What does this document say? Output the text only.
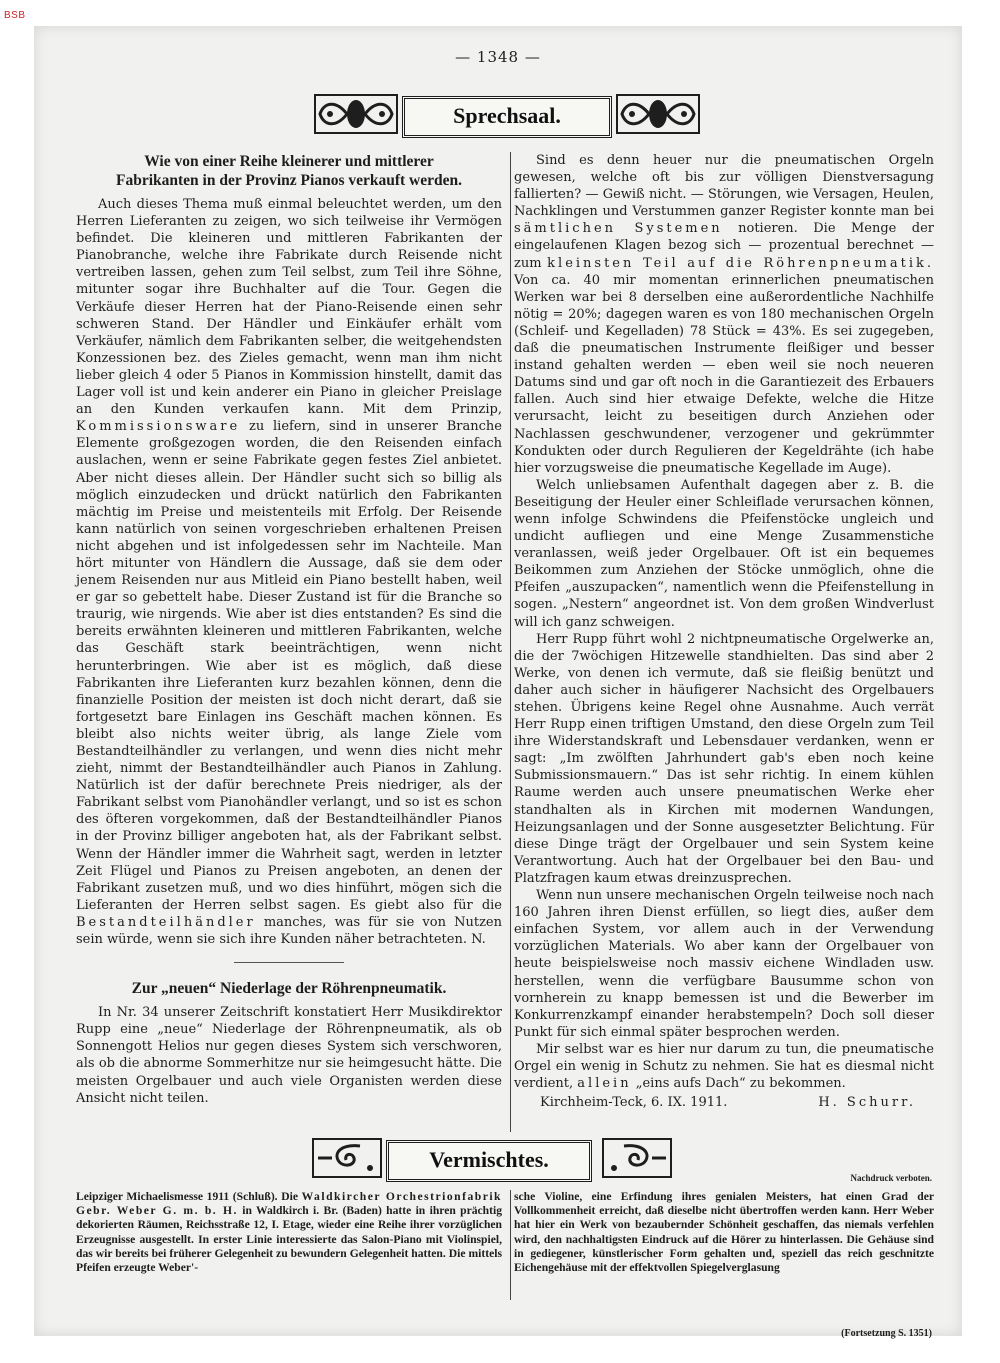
BSB
— 1348 —
Sprechsaal.
Wie von einer Reihe kleinerer und mittlerer
Fabrikanten in der Provinz Pianos verkauft werden.

Auch dieses Thema muß einmal beleuchtet werden, um den Herren Lieferanten zu zeigen, wo sich teilweise ihr Vermögen befindet. Die kleineren und mittleren Fabrikanten der Pianobranche, welche ihre Fabrikate durch Reisende nicht vertreiben lassen, gehen zum Teil selbst, zum Teil ihre Söhne, mitunter sogar ihre Buchhalter auf die Tour. Gegen die Verkäufe dieser Herren hat der Piano-Reisende einen sehr schweren Stand. Der Händler und Einkäufer erhält vom Verkäufer, nämlich dem Fabrikanten selber, die weitgehendsten Konzessionen bez. des Zieles gemacht, wenn man ihm nicht lieber gleich 4 oder 5 Pianos in Kommission hinstellt, damit das Lager voll ist und kein anderer ein Piano in gleicher Preislage an den Kunden verkaufen kann. Mit dem Prinzip, Kommissionsware zu liefern, sind in unserer Branche Elemente großgezogen worden, die den Reisenden einfach auslachen, wenn er seine Fabrikate gegen festes Ziel anbietet. Aber nicht dieses allein. Der Händler sucht sich so billig als möglich einzudecken und drückt natürlich den Fabrikanten mächtig im Preise und meistenteils mit Erfolg. Der Reisende kann natürlich von seinen vorgeschrieben erhaltenen Preisen nicht abgehen und ist infolgedessen sehr im Nachteile. Man hört mitunter von Händlern die Aussage, daß sie dem oder jenem Reisenden nur aus Mitleid ein Piano bestellt haben, weil er gar so gebettelt habe. Dieser Zustand ist für die Branche so traurig, wie nirgends. Wie aber ist dies entstanden? Es sind die bereits erwähnten kleineren und mittleren Fabrikanten, welche das Geschäft stark beeinträchtigen, wenn nicht herunterbringen. Wie aber ist es möglich, daß diese Fabrikanten ihre Lieferanten kurz bezahlen können, denn die finanzielle Position der meisten ist doch nicht derart, daß sie fortgesetzt bare Einlagen ins Geschäft machen können. Es bleibt also nichts weiter übrig, als lange Ziele vom Bestandteilhändler zu verlangen, und wenn dies nicht mehr zieht, nimmt der Bestandteilhändler auch Pianos in Zahlung. Natürlich ist der dafür berechnete Preis niedriger, als der Fabrikant selbst vom Pianohändler verlangt, und so ist es schon des öfteren vorgekommen, daß der Bestandteilhändler Pianos in der Provinz billiger angeboten hat, als der Fabrikant selbst. Wenn der Händler immer die Wahrheit sagt, werden in letzter Zeit Flügel und Pianos zu Preisen angeboten, an denen der Fabrikant zusetzen muß, und wo dies hinführt, mögen sich die Lieferanten der Herren selbst sagen. Es giebt also für die Bestandteilhändler manches, was für sie von Nutzen sein würde, wenn sie sich ihre Kunden näher betrachteten. N.

Zur „neuen“ Niederlage der Röhrenpneumatik.

In Nr. 34 unserer Zeitschrift konstatiert Herr Musikdirektor Rupp eine „neue“ Niederlage der Röhrenpneumatik, als ob Sonnengott Helios nur gegen dieses System sich verschworen, als ob die abnorme Sommerhitze nur sie heimgesucht hätte. Die meisten Orgelbauer und auch viele Organisten werden diese Ansicht nicht teilen.

Sind es denn heuer nur die pneumatischen Orgeln gewesen, welche oft bis zur völligen Dienstversagung fallierten? — Gewiß nicht. — Störungen, wie Versagen, Heulen, Nachklingen und Verstummen ganzer Register konnte man bei sämtlichen Systemen notieren. Die Menge der eingelaufenen Klagen bezog sich — prozentual berechnet — zum kleinsten Teil auf die Röhrenpneumatik. Von ca. 40 mir momentan erinnerlichen pneumatischen Werken war bei 8 derselben eine außerordentliche Nachhilfe nötig = 20%; dagegen waren es von 180 mechanischen Orgeln (Schleif- und Kegelladen) 78 Stück = 43%. Es sei zugegeben, daß die pneumatischen Instrumente fleißiger und besser instand gehalten werden — eben weil sie noch neueren Datums sind und gar oft noch in die Garantiezeit des Erbauers fallen. Auch sind hier etwaige Defekte, welche die Hitze verursacht, leicht zu beseitigen durch Anziehen oder Nachlassen geschwundener, verzogener und gekrümmter Kondukten oder durch Regulieren der Kegeldrähte (ich habe hier vorzugsweise die pneumatische Kegellade im Auge).

Welch unliebsamen Aufenthalt dagegen aber z. B. die Beseitigung der Heuler einer Schleiflade verursachen können, wenn infolge Schwindens die Pfeifenstöcke ungleich und undicht aufliegen und eine Menge Zusammenstiche veranlassen, weiß jeder Orgelbauer. Oft ist ein bequemes Beikommen zum Anziehen der Stöcke unmöglich, ohne die Pfeifen „auszupacken“, namentlich wenn die Pfeifenstellung in sogen. „Nestern“ angeordnet ist. Von dem großen Windverlust will ich ganz schweigen.

Herr Rupp führt wohl 2 nichtpneumatische Orgelwerke an, die der 7wöchigen Hitzewelle standhielten. Das sind aber 2 Werke, von denen ich vermute, daß sie fleißig benützt und daher auch sicher in häufigerer Nachsicht des Orgelbauers stehen. Übrigens keine Regel ohne Ausnahme. Auch verrät Herr Rupp einen triftigen Umstand, den diese Orgeln zum Teil ihre Widerstandskraft und Lebensdauer verdanken, wenn er sagt: „Im zwölften Jahrhundert gab's eben noch keine Submissionsmauern.“ Das ist sehr richtig. In einem kühlen Raume werden auch unsere pneumatischen Werke eher standhalten als in Kirchen mit modernen Wandungen, Heizungsanlagen und der Sonne ausgesetzter Belichtung. Für diese Dinge trägt der Orgelbauer und sein System keine Verantwortung. Auch hat der Orgelbauer bei den Bau- und Platzfragen kaum etwas dreinzusprechen.

Wenn nun unsere mechanischen Orgeln teilweise noch nach 160 Jahren ihren Dienst erfüllen, so liegt dies, außer dem einfachen System, vor allem auch in der Verwendung vorzüglichen Materials. Wo aber kann der Orgelbauer von heute beispielsweise noch massiv eichene Windladen usw. herstellen, wenn die verfügbare Bausumme schon von vornherein zu knapp bemessen ist und die Bewerber im Konkurrenzkampf einander herabstempeln? Doch soll dieser Punkt für sich einmal später besprochen werden.

Mir selbst war es hier nur darum zu tun, die pneumatische Orgel ein wenig in Schutz zu nehmen. Sie hat es diesmal nicht verdient, allein „eins aufs Dach“ zu bekommen.

Kirchheim-Teck, 6. IX. 1911.	H. Schurr.
Vermischtes.
Nachdruck verboten.

Leipziger Michaelismesse 1911 (Schluß). Die Waldkircher Orchestrionfabrik Gebr. Weber G. m. b. H. in Waldkirch i. Br. (Baden) hatte in ihren prächtig dekorierten Räumen, Reichsstraße 12, I. Etage, wieder eine Reihe ihrer vorzüglichen Erzeugnisse ausgestellt. In erster Linie interessierte das Salon-Piano mit Violinspiel, das wir bereits bei früherer Gelegenheit zu bewundern Gelegenheit hatten. Die mittels Pfeifen erzeugte Weber'-

sche Violine, eine Erfindung ihres genialen Meisters, hat einen Grad der Vollkommenheit erreicht, daß dieselbe nicht übertroffen werden kann. Herr Weber hat hier ein Werk von bezaubernder Schönheit geschaffen, das niemals verfehlen wird, den nachhaltigsten Eindruck auf die Hörer zu hinterlassen. Die Gehäuse sind in gediegener, künstlerischer Form gehalten und, speziell das reich geschnitzte Eichengehäuse mit der effektvollen Spiegelverglasung

(Fortsetzung S. 1351)
